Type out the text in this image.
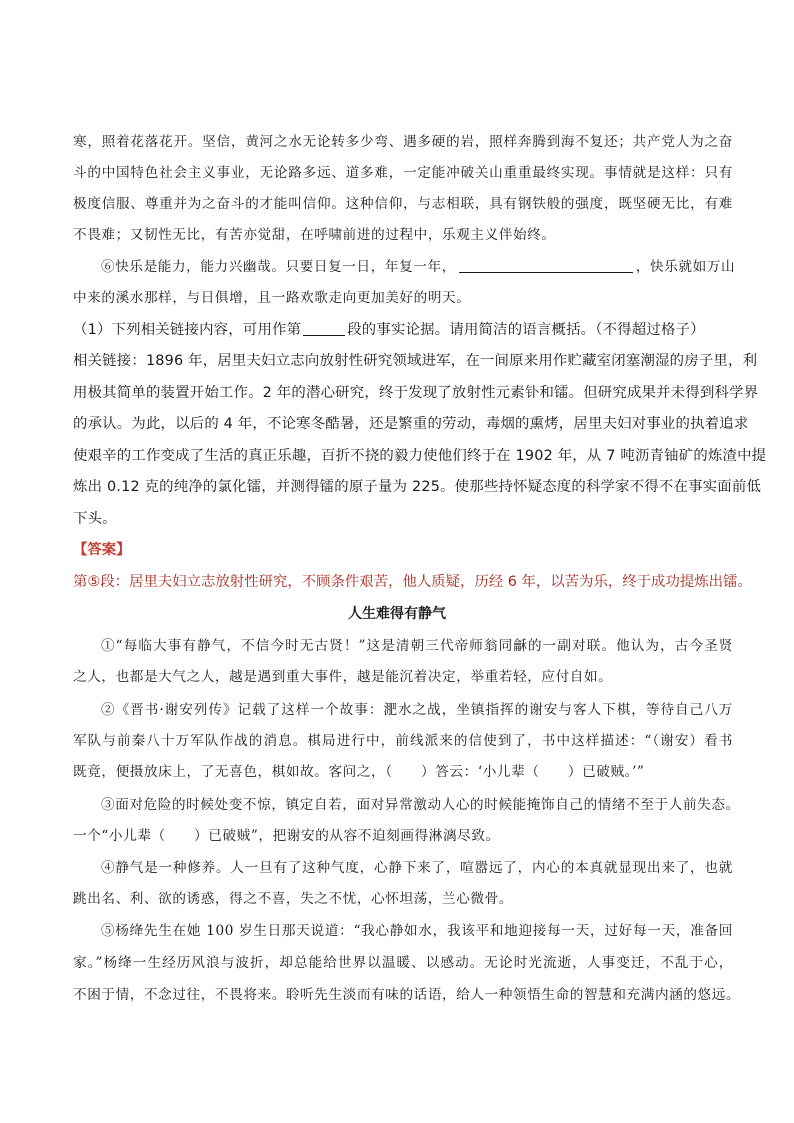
寒，照着花落花开。坚信，黄河之水无论转多少弯、遇多硬的岩，照样奔腾到海不复还；共产党人为之奋
斗的中国特色社会主义事业，无论路多远、道多难，一定能冲破关山重重最终实现。事情就是这样：只有
极度信服、尊重并为之奋斗的才能叫信仰。这种信仰，与志相联，具有钢铁般的强度，既坚硬无比，有难
不畏难；又韧性无比，有苦亦觉甜，在呼啸前进的过程中，乐观主义伴始终。
⑥快乐是能力，能力兴幽哉。只要日复一日，年复一年，	，快乐就如万山
中来的溪水那样，与日俱增，且一路欢歌走向更加美好的明天。
（1）下列相关链接内容，可用作第	段的事实论据。请用简洁的语言概括。（不得超过格子）
相关链接：1896 年，居里夫妇立志向放射性研究领域进军，在一间原来用作贮藏室闭塞潮湿的房子里，利
用极其简单的装置开始工作。2 年的潜心研究，终于发现了放射性元素钋和镭。但研究成果并未得到科学界
的承认。为此，以后的 4 年，不论寒冬酷暑，还是繁重的劳动，毒烟的熏烤，居里夫妇对事业的执着追求
使艰辛的工作变成了生活的真正乐趣，百折不挠的毅力使他们终于在 1902 年，从 7 吨沥青铀矿的炼渣中提
炼出 0.12 克的纯净的氯化镭，并测得镭的原子量为 225。使那些持怀疑态度的科学家不得不在事实面前低
下头。
【答案】
第⑤段：居里夫妇立志放射性研究，不顾条件艰苦，他人质疑，历经 6 年，以苦为乐，终于成功提炼出镭。
人生难得有静气
①“每临大事有静气，不信今时无古贤！”这是清朝三代帝师翁同龢的一副对联。他认为，古今圣贤
之人，也都是大气之人，越是遇到重大事件，越是能沉着决定，举重若轻，应付自如。
②《晋书·谢安列传》记载了这样一个故事：淝水之战，坐镇指挥的谢安与客人下棋，等待自己八万
军队与前秦八十万军队作战的消息。棋局进行中，前线派来的信使到了，书中这样描述：“（谢安）看书
既竟，便摄放床上，了无喜色，棋如故。客问之，（　　）答云：‘小儿辈（　　）已破贼。’”
③面对危险的时候处变不惊，镇定自若，面对异常激动人心的时候能掩饰自己的情绪不至于人前失态。
一个“小儿辈（　　）已破贼”，把谢安的从容不迫刻画得淋漓尽致。
④静气是一种修养。人一旦有了这种气度，心静下来了，喧嚣远了，内心的本真就显现出来了，也就
跳出名、利、欲的诱惑，得之不喜，失之不忧，心怀坦荡，兰心微骨。
⑤杨绛先生在她 100 岁生日那天说道：“我心静如水，我该平和地迎接每一天，过好每一天，准备回
家。”杨绛一生经历风浪与波折，却总能给世界以温暖、以感动。无论时光流逝，人事变迁，不乱于心，
不困于情，不念过往，不畏将来。聆听先生淡而有味的话语，给人一种领悟生命的智慧和充满内涵的悠远。
